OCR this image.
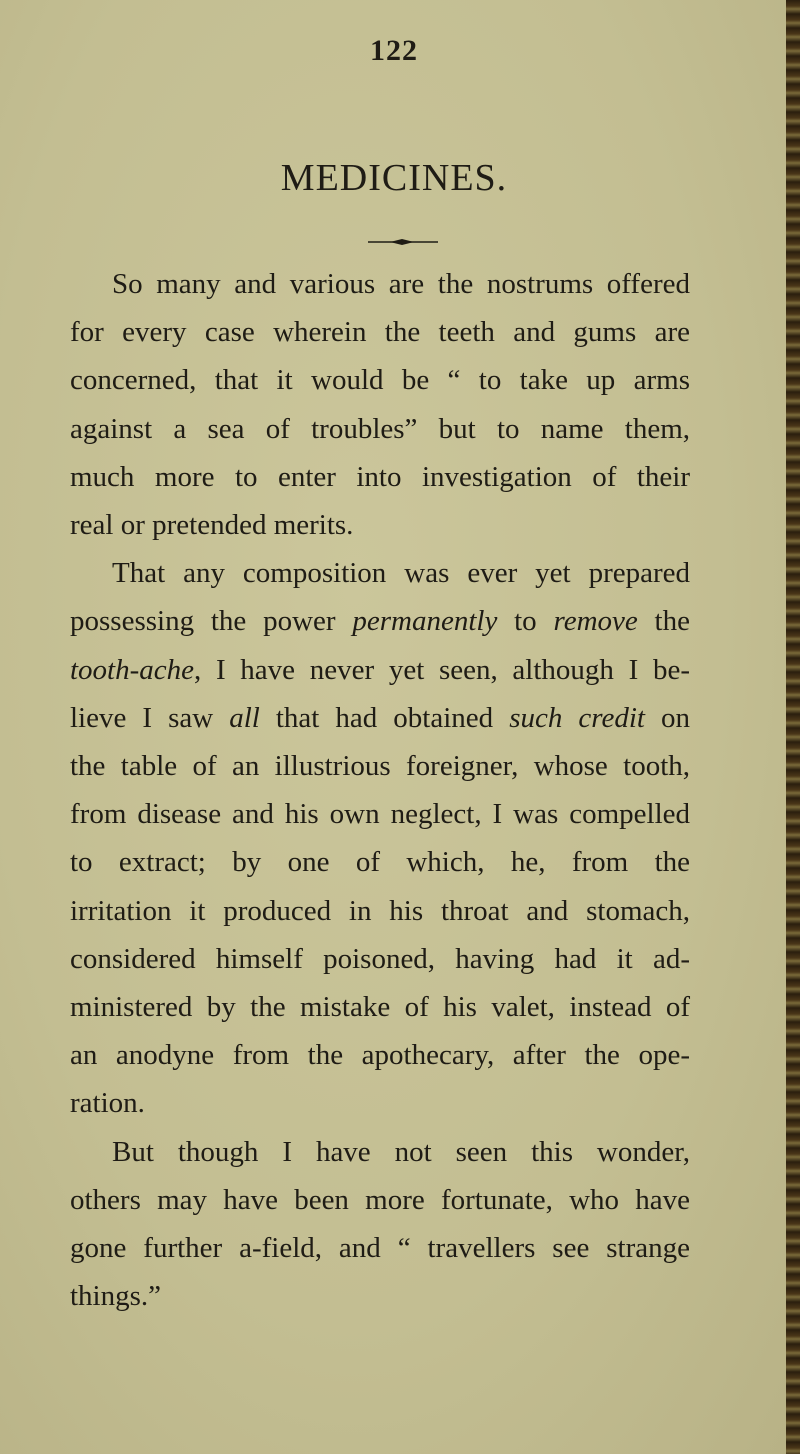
122
MEDICINES.
So many and various are the nostrums offered
for every case wherein the teeth and gums are
concerned, that it would be “ to take up arms
against a sea of troubles” but to name them,
much more to enter into investigation of their
real or pretended merits.
That any composition was ever yet prepared
possessing the power permanently to remove the
tooth-ache, I have never yet seen, although I be-
lieve I saw all that had obtained such credit on
the table of an illustrious foreigner, whose tooth,
from disease and his own neglect, I was compelled
to extract; by one of which, he, from the
irritation it produced in his throat and stomach,
considered himself poisoned, having had it ad-
ministered by the mistake of his valet, instead of
an anodyne from the apothecary, after the ope-
ration.
But though I have not seen this wonder,
others may have been more fortunate, who have
gone further a-field, and “ travellers see strange
things.”
